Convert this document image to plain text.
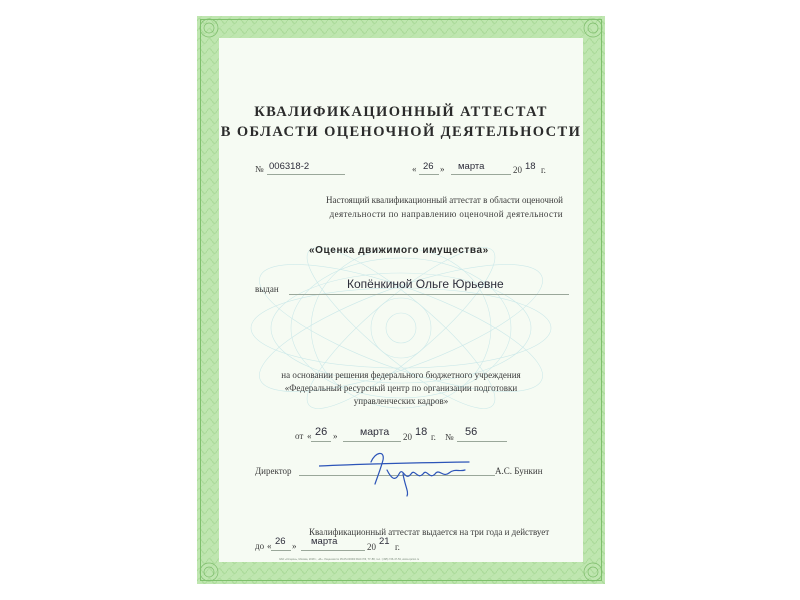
КВАЛИФИКАЦИОННЫЙ АТТЕСТАТ
В ОБЛАСТИ ОЦЕНОЧНОЙ ДЕЯТЕЛЬНОСТИ
№ 006318-2	« 26 » марта	20 18 г.
Настоящий квалификационный аттестат в области оценочной
деятельности по направлению оценочной деятельности
«Оценка движимого имущества»
выдан	Копёнкиной Ольге Юрьевне
на основании решения федерального бюджетного учреждения
«Федеральный ресурсный центр по организации подготовки
управленческих кадров»
от « 26 » марта 20 18 г. № 56
Директор	А.С. Бункин
Квалификационный аттестат выдается на три года и действует
до « 26 » марта	20 21 г.
ЗАО «Опцион», Москва, 2018 г., «Б». Лицензия № 05-05-03/003 ФНС РФ, ТУ-ВУ, тел.: (495) 726-47-53, www.opcion.ru
